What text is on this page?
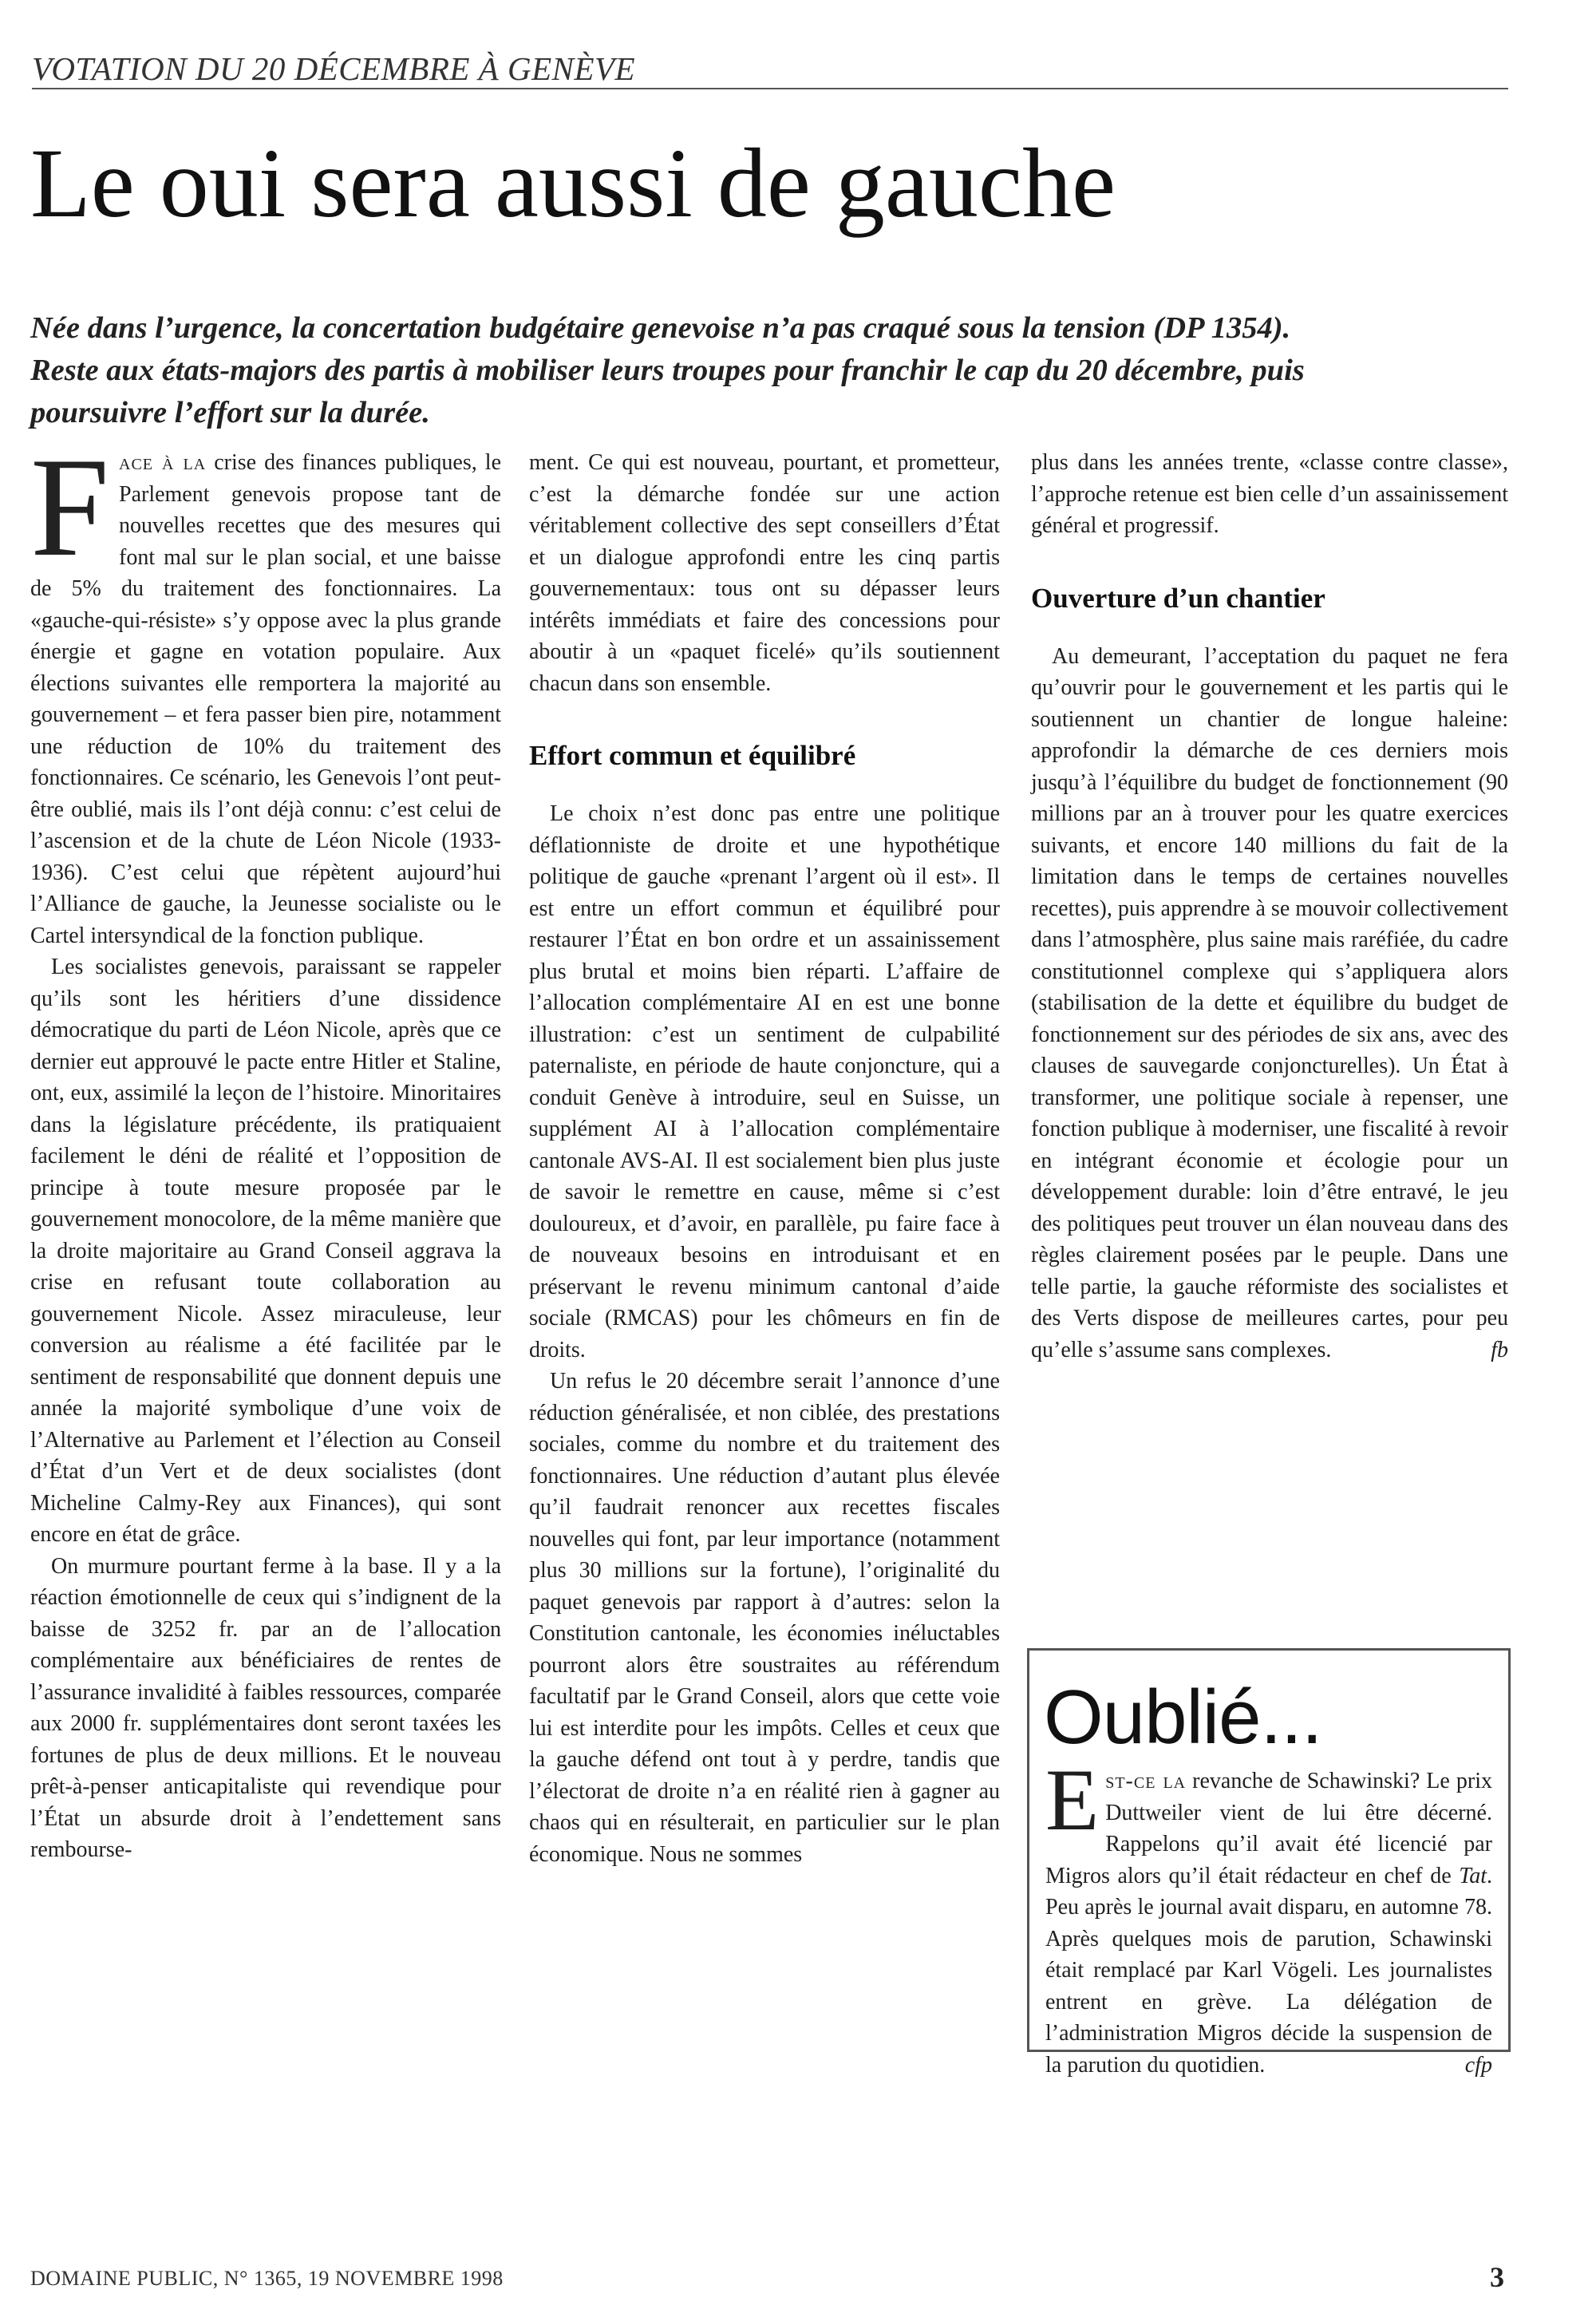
VOTATION DU 20 DÉCEMBRE À GENÈVE
Le oui sera aussi de gauche
Née dans l’urgence, la concertation budgétaire genevoise n’a pas craqué sous la tension (DP 1354). Reste aux états-majors des partis à mobiliser leurs troupes pour franchir le cap du 20 décembre, puis poursuivre l’effort sur la durée.

Face à la crise des finances publiques, le Parlement genevois propose tant de nouvelles recettes que des mesures qui font mal sur le plan social, et une baisse de 5% du traitement des fonctionnaires. La «gauche-qui-résiste» s’y oppose avec la plus grande énergie et gagne en votation populaire. Aux élections suivantes elle remportera la majorité au gouvernement – et fera passer bien pire, notamment une réduction de 10% du traitement des fonctionnaires. Ce scénario, les Genevois l’ont peut-être oublié, mais ils l’ont déjà connu: c’est celui de l’ascension et de la chute de Léon Nicole (1933-1936). C’est celui que répètent aujourd’hui l’Alliance de gauche, la Jeunesse socialiste ou le Cartel intersyndical de la fonction publique.

Les socialistes genevois, paraissant se rappeler qu’ils sont les héritiers d’une dissidence démocratique du parti de Léon Nicole, après que ce dernier eut approuvé le pacte entre Hitler et Staline, ont, eux, assimilé la leçon de l’histoire. Minoritaires dans la législature précédente, ils pratiquaient facilement le déni de réalité et l’opposition de principe à toute mesure proposée par le gouvernement monocolore, de la même manière que la droite majoritaire au Grand Conseil aggrava la crise en refusant toute collaboration au gouvernement Nicole. Assez miraculeuse, leur conversion au réalisme a été facilitée par le sentiment de responsabilité que donnent depuis une année la majorité symbolique d’une voix de l’Alternative au Parlement et l’élection au Conseil d’État d’un Vert et de deux socialistes (dont Micheline Calmy-Rey aux Finances), qui sont encore en état de grâce.

On murmure pourtant ferme à la base. Il y a la réaction émotionnelle de ceux qui s’indignent de la baisse de 3252 fr. par an de l’allocation complémentaire aux bénéficiaires de rentes de l’assurance invalidité à faibles ressources, comparée aux 2000 fr. supplémentaires dont seront taxées les fortunes de plus de deux millions. Et le nouveau prêt-à-penser anticapitaliste qui revendique pour l’État un absurde droit à l’endettement sans rembourse-

ment. Ce qui est nouveau, pourtant, et prometteur, c’est la démarche fondée sur une action véritablement collective des sept conseillers d’État et un dialogue approfondi entre les cinq partis gouvernementaux: tous ont su dépasser leurs intérêts immédiats et faire des concessions pour aboutir à un «paquet ficelé» qu’ils soutiennent chacun dans son ensemble.

Effort commun et équilibré

Le choix n’est donc pas entre une politique déflationniste de droite et une hypothétique politique de gauche «prenant l’argent où il est». Il est entre un effort commun et équilibré pour restaurer l’État en bon ordre et un assainissement plus brutal et moins bien réparti. L’affaire de l’allocation complémentaire AI en est une bonne illustration: c’est un sentiment de culpabilité paternaliste, en période de haute conjoncture, qui a conduit Genève à introduire, seul en Suisse, un supplément AI à l’allocation complémentaire cantonale AVS-AI. Il est socialement bien plus juste de savoir le remettre en cause, même si c’est douloureux, et d’avoir, en parallèle, pu faire face à de nouveaux besoins en introduisant et en préservant le revenu minimum cantonal d’aide sociale (RMCAS) pour les chômeurs en fin de droits.

Un refus le 20 décembre serait l’annonce d’une réduction généralisée, et non ciblée, des prestations sociales, comme du nombre et du traitement des fonctionnaires. Une réduction d’autant plus élevée qu’il faudrait renoncer aux recettes fiscales nouvelles qui font, par leur importance (notamment plus 30 millions sur la fortune), l’originalité du paquet genevois par rapport à d’autres: selon la Constitution cantonale, les économies inéluctables pourront alors être soustraites au référendum facultatif par le Grand Conseil, alors que cette voie lui est interdite pour les impôts. Celles et ceux que la gauche défend ont tout à y perdre, tandis que l’électorat de droite n’a en réalité rien à gagner au chaos qui en résulterait, en particulier sur le plan économique. Nous ne sommes

plus dans les années trente, «classe contre classe», l’approche retenue est bien celle d’un assainissement général et progressif.

Ouverture d’un chantier

Au demeurant, l’acceptation du paquet ne fera qu’ouvrir pour le gouvernement et les partis qui le soutiennent un chantier de longue haleine: approfondir la démarche de ces derniers mois jusqu’à l’équilibre du budget de fonctionnement (90 millions par an à trouver pour les quatre exercices suivants, et encore 140 millions du fait de la limitation dans le temps de certaines nouvelles recettes), puis apprendre à se mouvoir collectivement dans l’atmosphère, plus saine mais raréfiée, du cadre constitutionnel complexe qui s’appliquera alors (stabilisation de la dette et équilibre du budget de fonctionnement sur des périodes de six ans, avec des clauses de sauvegarde conjoncturelles). Un État à transformer, une politique sociale à repenser, une fonction publique à moderniser, une fiscalité à revoir en intégrant économie et écologie pour un développement durable: loin d’être entravé, le jeu des politiques peut trouver un élan nouveau dans des règles clairement posées par le peuple. Dans une telle partie, la gauche réformiste des socialistes et des Verts dispose de meilleures cartes, pour peu qu’elle s’assume sans complexes.	fb

Oublié...
Est-ce la revanche de Schawinski? Le prix Duttweiler vient de lui être décerné. Rappelons qu’il avait été licencié par Migros alors qu’il était rédacteur en chef de Tat. Peu après le journal avait disparu, en automne 78. Après quelques mois de parution, Schawinski était remplacé par Karl Vögeli. Les journalistes entrent en grève. La délégation de l’administration Migros décide la suspension de la parution du quotidien.	cfp
DOMAINE PUBLIC, N° 1365, 19 NOVEMBRE 1998	3
